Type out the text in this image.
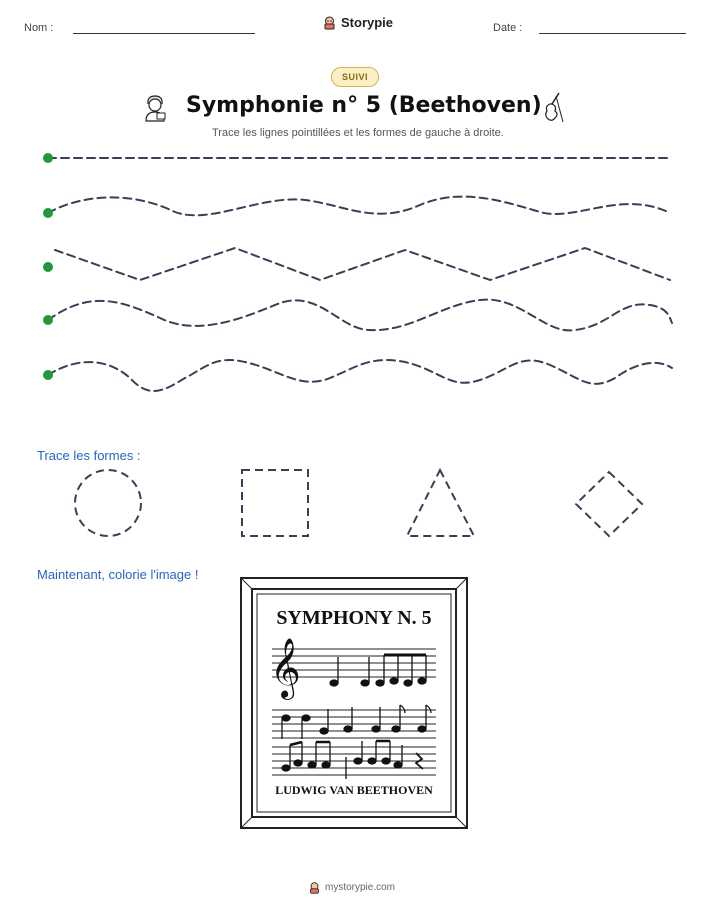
Nom :	Storypie	Date :
SUIVI
Symphonie n° 5 (Beethoven)
Trace les lignes pointillées et les formes de gauche à droite.
Trace les formes :
Maintenant, colorie l'image !
𝄞
SYMPHONY N. 5
LUDWIG VAN BEETHOVEN
mystorypie.com
